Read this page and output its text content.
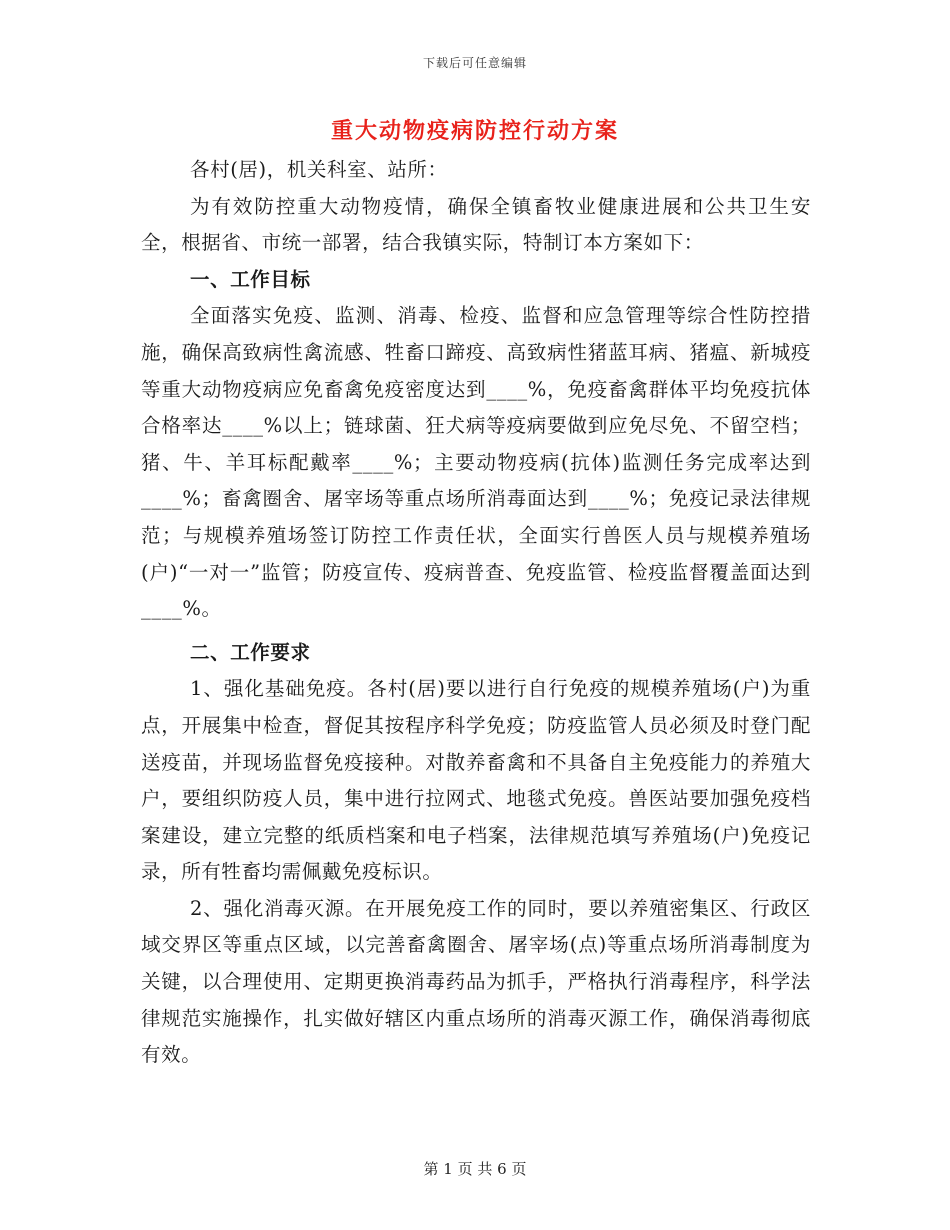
下载后可任意编辑
重大动物疫病防控行动方案

各村(居)，机关科室、站所：

为有效防控重大动物疫情，确保全镇畜牧业健康进展和公共卫生安全，根据省、市统一部署，结合我镇实际，特制订本方案如下：

一、工作目标

全面落实免疫、监测、消毒、检疫、监督和应急管理等综合性防控措施，确保高致病性禽流感、牲畜口蹄疫、高致病性猪蓝耳病、猪瘟、新城疫等重大动物疫病应免畜禽免疫密度达到____%，免疫畜禽群体平均免疫抗体合格率达____%以上；链球菌、狂犬病等疫病要做到应免尽免、不留空档；猪、牛、羊耳标配戴率____%；主要动物疫病(抗体)监测任务完成率达到____%；畜禽圈舍、屠宰场等重点场所消毒面达到____%；免疫记录法律规范；与规模养殖场签订防控工作责任状，全面实行兽医人员与规模养殖场(户)“一对一”监管；防疫宣传、疫病普查、免疫监管、检疫监督覆盖面达到____%。

二、工作要求

1、强化基础免疫。各村(居)要以进行自行免疫的规模养殖场(户)为重点，开展集中检查，督促其按程序科学免疫；防疫监管人员必须及时登门配送疫苗，并现场监督免疫接种。对散养畜禽和不具备自主免疫能力的养殖大户，要组织防疫人员，集中进行拉网式、地毯式免疫。兽医站要加强免疫档案建设，建立完整的纸质档案和电子档案，法律规范填写养殖场(户)免疫记录，所有牲畜均需佩戴免疫标识。

2、强化消毒灭源。在开展免疫工作的同时，要以养殖密集区、行政区域交界区等重点区域，以完善畜禽圈舍、屠宰场(点)等重点场所消毒制度为关键，以合理使用、定期更换消毒药品为抓手，严格执行消毒程序，科学法律规范实施操作，扎实做好辖区内重点场所的消毒灭源工作，确保消毒彻底有效。

第 1 页 共 6 页
